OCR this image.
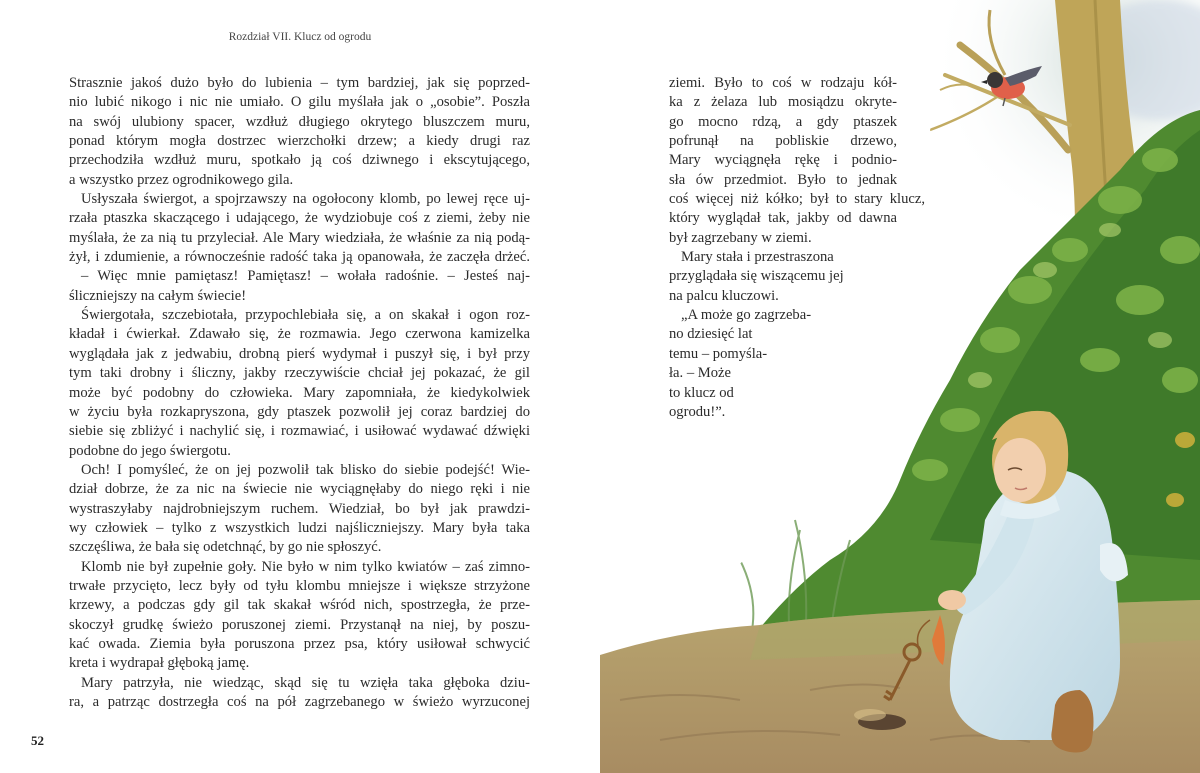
Rozdział VII. Klucz od ogrodu
Strasznie jakoś dużo było do lubienia – tym bardziej, jak się poprzed-
nio lubić nikogo i nic nie umiało. O gilu myślała jak o „osobie”. Poszła
na swój ulubiony spacer, wzdłuż długiego okrytego bluszczem muru,
ponad którym mogła dostrzec wierzchołki drzew; a kiedy drugi raz
przechodziła wzdłuż muru, spotkało ją coś dziwnego i ekscytującego,
a wszystko przez ogrodnikowego gila.
Usłyszała świergot, a spojrzawszy na ogołocony klomb, po lewej ręce uj-
rzała ptaszka skaczącego i udającego, że wydziobuje coś z ziemi, żeby nie
myślała, że za nią tu przyleciał. Ale Mary wiedziała, że właśnie za nią podą-
żył, i zdumienie, a równocześnie radość taka ją opanowała, że zaczęła drżeć.
– Więc mnie pamiętasz! Pamiętasz! – wołała radośnie. – Jesteś naj-
śliczniejszy na całym świecie!
Świergotała, szczebiotała, przypochlebiała się, a on skakał i ogon roz-
kładał i ćwierkał. Zdawało się, że rozmawia. Jego czerwona kamizelka
wyglądała jak z jedwabiu, drobną pierś wydymał i puszył się, i był przy
tym taki drobny i śliczny, jakby rzeczywiście chciał jej pokazać, że gil
może być podobny do człowieka. Mary zapomniała, że kiedykolwiek
w życiu była rozkapryszona, gdy ptaszek pozwolił jej coraz bardziej do
siebie się zbliżyć i nachylić się, i rozmawiać, i usiłować wydawać dźwięki
podobne do jego świergotu.
Och! I pomyśleć, że on jej pozwolił tak blisko do siebie podejść! Wie-
dział dobrze, że za nic na świecie nie wyciągnęłaby do niego ręki i nie
wystraszyłaby najdrobniejszym ruchem. Wiedział, bo był jak prawdzi-
wy człowiek – tylko z wszystkich ludzi najśliczniejszy. Mary była taka
szczęśliwa, że bała się odetchnąć, by go nie spłoszyć.
Klomb nie był zupełnie goły. Nie było w nim tylko kwiatów – zaś zimno-
trwałe przycięto, lecz były od tyłu klombu mniejsze i większe strzyżone
krzewy, a podczas gdy gil tak skakał wśród nich, spostrzegła, że prze-
skoczył grudkę świeżo poruszonej ziemi. Przystanął na niej, by poszu-
kać owada. Ziemia była poruszona przez psa, który usiłował schwycić
kreta i wydrapał głęboką jamę.
Mary patrzyła, nie wiedząc, skąd się tu wzięła taka głęboka dziu-
ra, a patrząc dostrzegła coś na pół zagrzebanego w świeżo wyrzuconej
52
ziemi. Było to coś w rodzaju kół-
ka z żelaza lub mosiądzu okryte-
go mocno rdzą, a gdy ptaszek
pofrunął na pobliskie drzewo,
Mary wyciągnęła rękę i podnio-
sła ów przedmiot. Było to jednak
coś więcej niż kółko; był to stary klucz,
który wyglądał tak, jakby od dawna
był zagrzebany w ziemi.
Mary stała i przestraszona
przyglądała się wiszącemu jej
na palcu kluczowi.
„A może go zagrzeba-
no dziesięć lat
temu – pomyśla-
ła. – Może
to klucz od
ogrodu!”.
